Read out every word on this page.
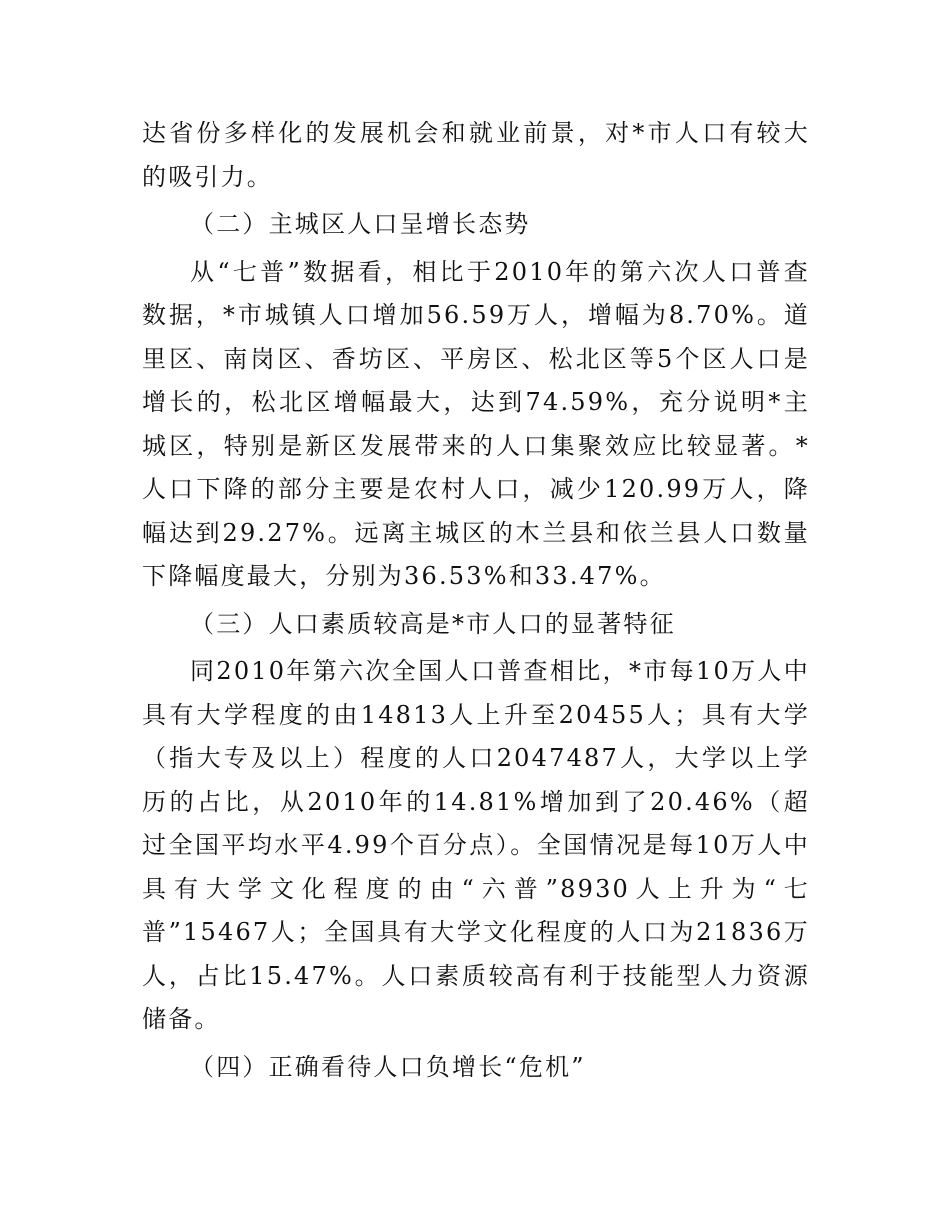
达省份多样化的发展机会和就业前景，对*市人口有较大的吸引力。

（二）主城区人口呈增长态势

从“七普”数据看，相比于2010年的第六次人口普查数据，*市城镇人口增加56.59万人，增幅为8.70%。道里区、南岗区、香坊区、平房区、松北区等5个区人口是增长的，松北区增幅最大，达到74.59%，充分说明*主城区，特别是新区发展带来的人口集聚效应比较显著。*人口下降的部分主要是农村人口，减少120.99万人，降幅达到29.27%。远离主城区的木兰县和依兰县人口数量下降幅度最大，分别为36.53%和33.47%。

（三）人口素质较高是*市人口的显著特征

同2010年第六次全国人口普查相比，*市每10万人中具有大学程度的由14813人上升至20455人；具有大学（指大专及以上）程度的人口2047487人，大学以上学历的占比，从2010年的14.81%增加到了20.46%（超过全国平均水平4.99个百分点）。全国情况是每10万人中具有大学文化程度的由“六普”8930人上升为“七普”15467人；全国具有大学文化程度的人口为21836万人，占比15.47%。人口素质较高有利于技能型人力资源储备。

（四）正确看待人口负增长“危机”
